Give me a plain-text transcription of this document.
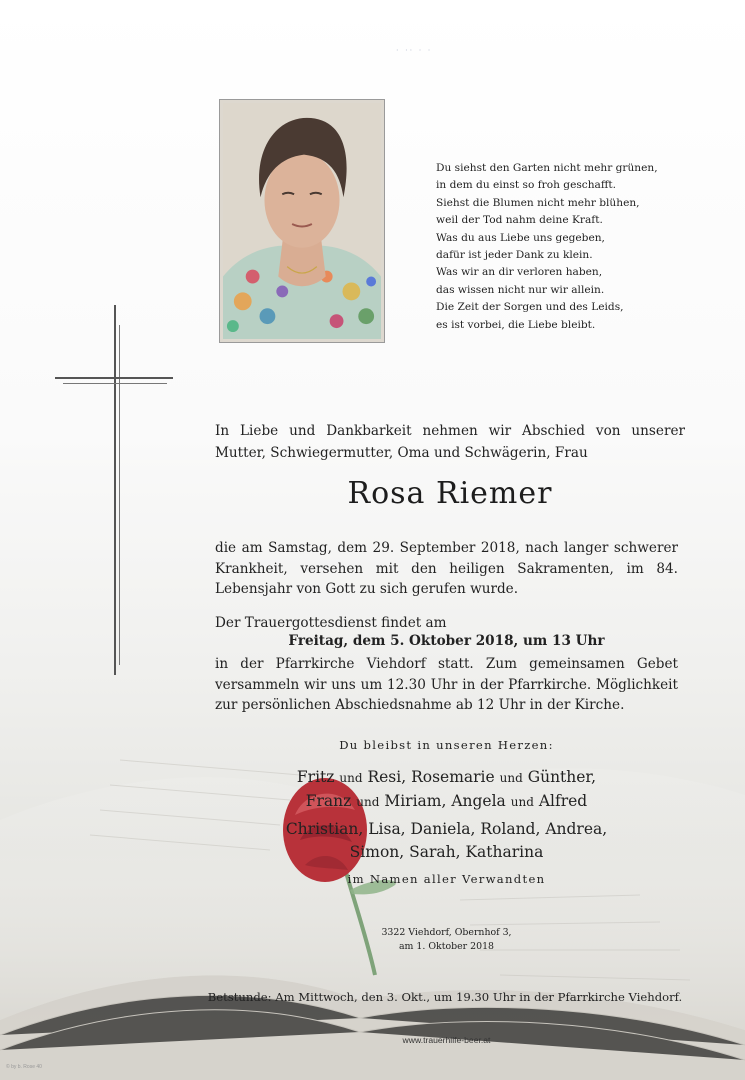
· ·· · ·
Du siehst den Garten nicht mehr grünen,
in dem du einst so froh geschafft.
Siehst die Blumen nicht mehr blühen,
weil der Tod nahm deine Kraft.
Was du aus Liebe uns gegeben,
dafür ist jeder Dank zu klein.
Was wir an dir verloren haben,
das wissen nicht nur wir allein.
Die Zeit der Sorgen und des Leids,
es ist vorbei, die Liebe bleibt.
In Liebe und Dankbarkeit nehmen wir Abschied von unserer Mutter, Schwiegermutter, Oma und Schwägerin, Frau
Rosa Riemer
die am Samstag, dem 29. September 2018, nach langer schwerer Krankheit, versehen mit den heiligen Sakramenten, im 84. Lebensjahr von Gott zu sich gerufen wurde.
Der Trauergottesdienst findet am
Freitag, dem 5. Oktober 2018, um 13 Uhr
in der Pfarrkirche Viehdorf statt. Zum gemeinsamen Gebet versammeln wir uns um 12.30 Uhr in der Pfarrkirche. Möglichkeit zur persönlichen Abschiedsnahme ab 12 Uhr in der Kirche.
Du bleibst in unseren Herzen:
Fritz und Resi, Rosemarie und Günther,
Franz und Miriam, Angela und Alfred
Christian, Lisa, Daniela, Roland, Andrea,
Simon, Sarah, Katharina
im Namen aller Verwandten
3322 Viehdorf, Obernhof 3,
am 1. Oktober 2018
Betstunde: Am Mittwoch, den 3. Okt., um 19.30 Uhr in der Pfarrkirche Viehdorf.
www.trauerhilfe-beer.at
© by b. Rose 40
